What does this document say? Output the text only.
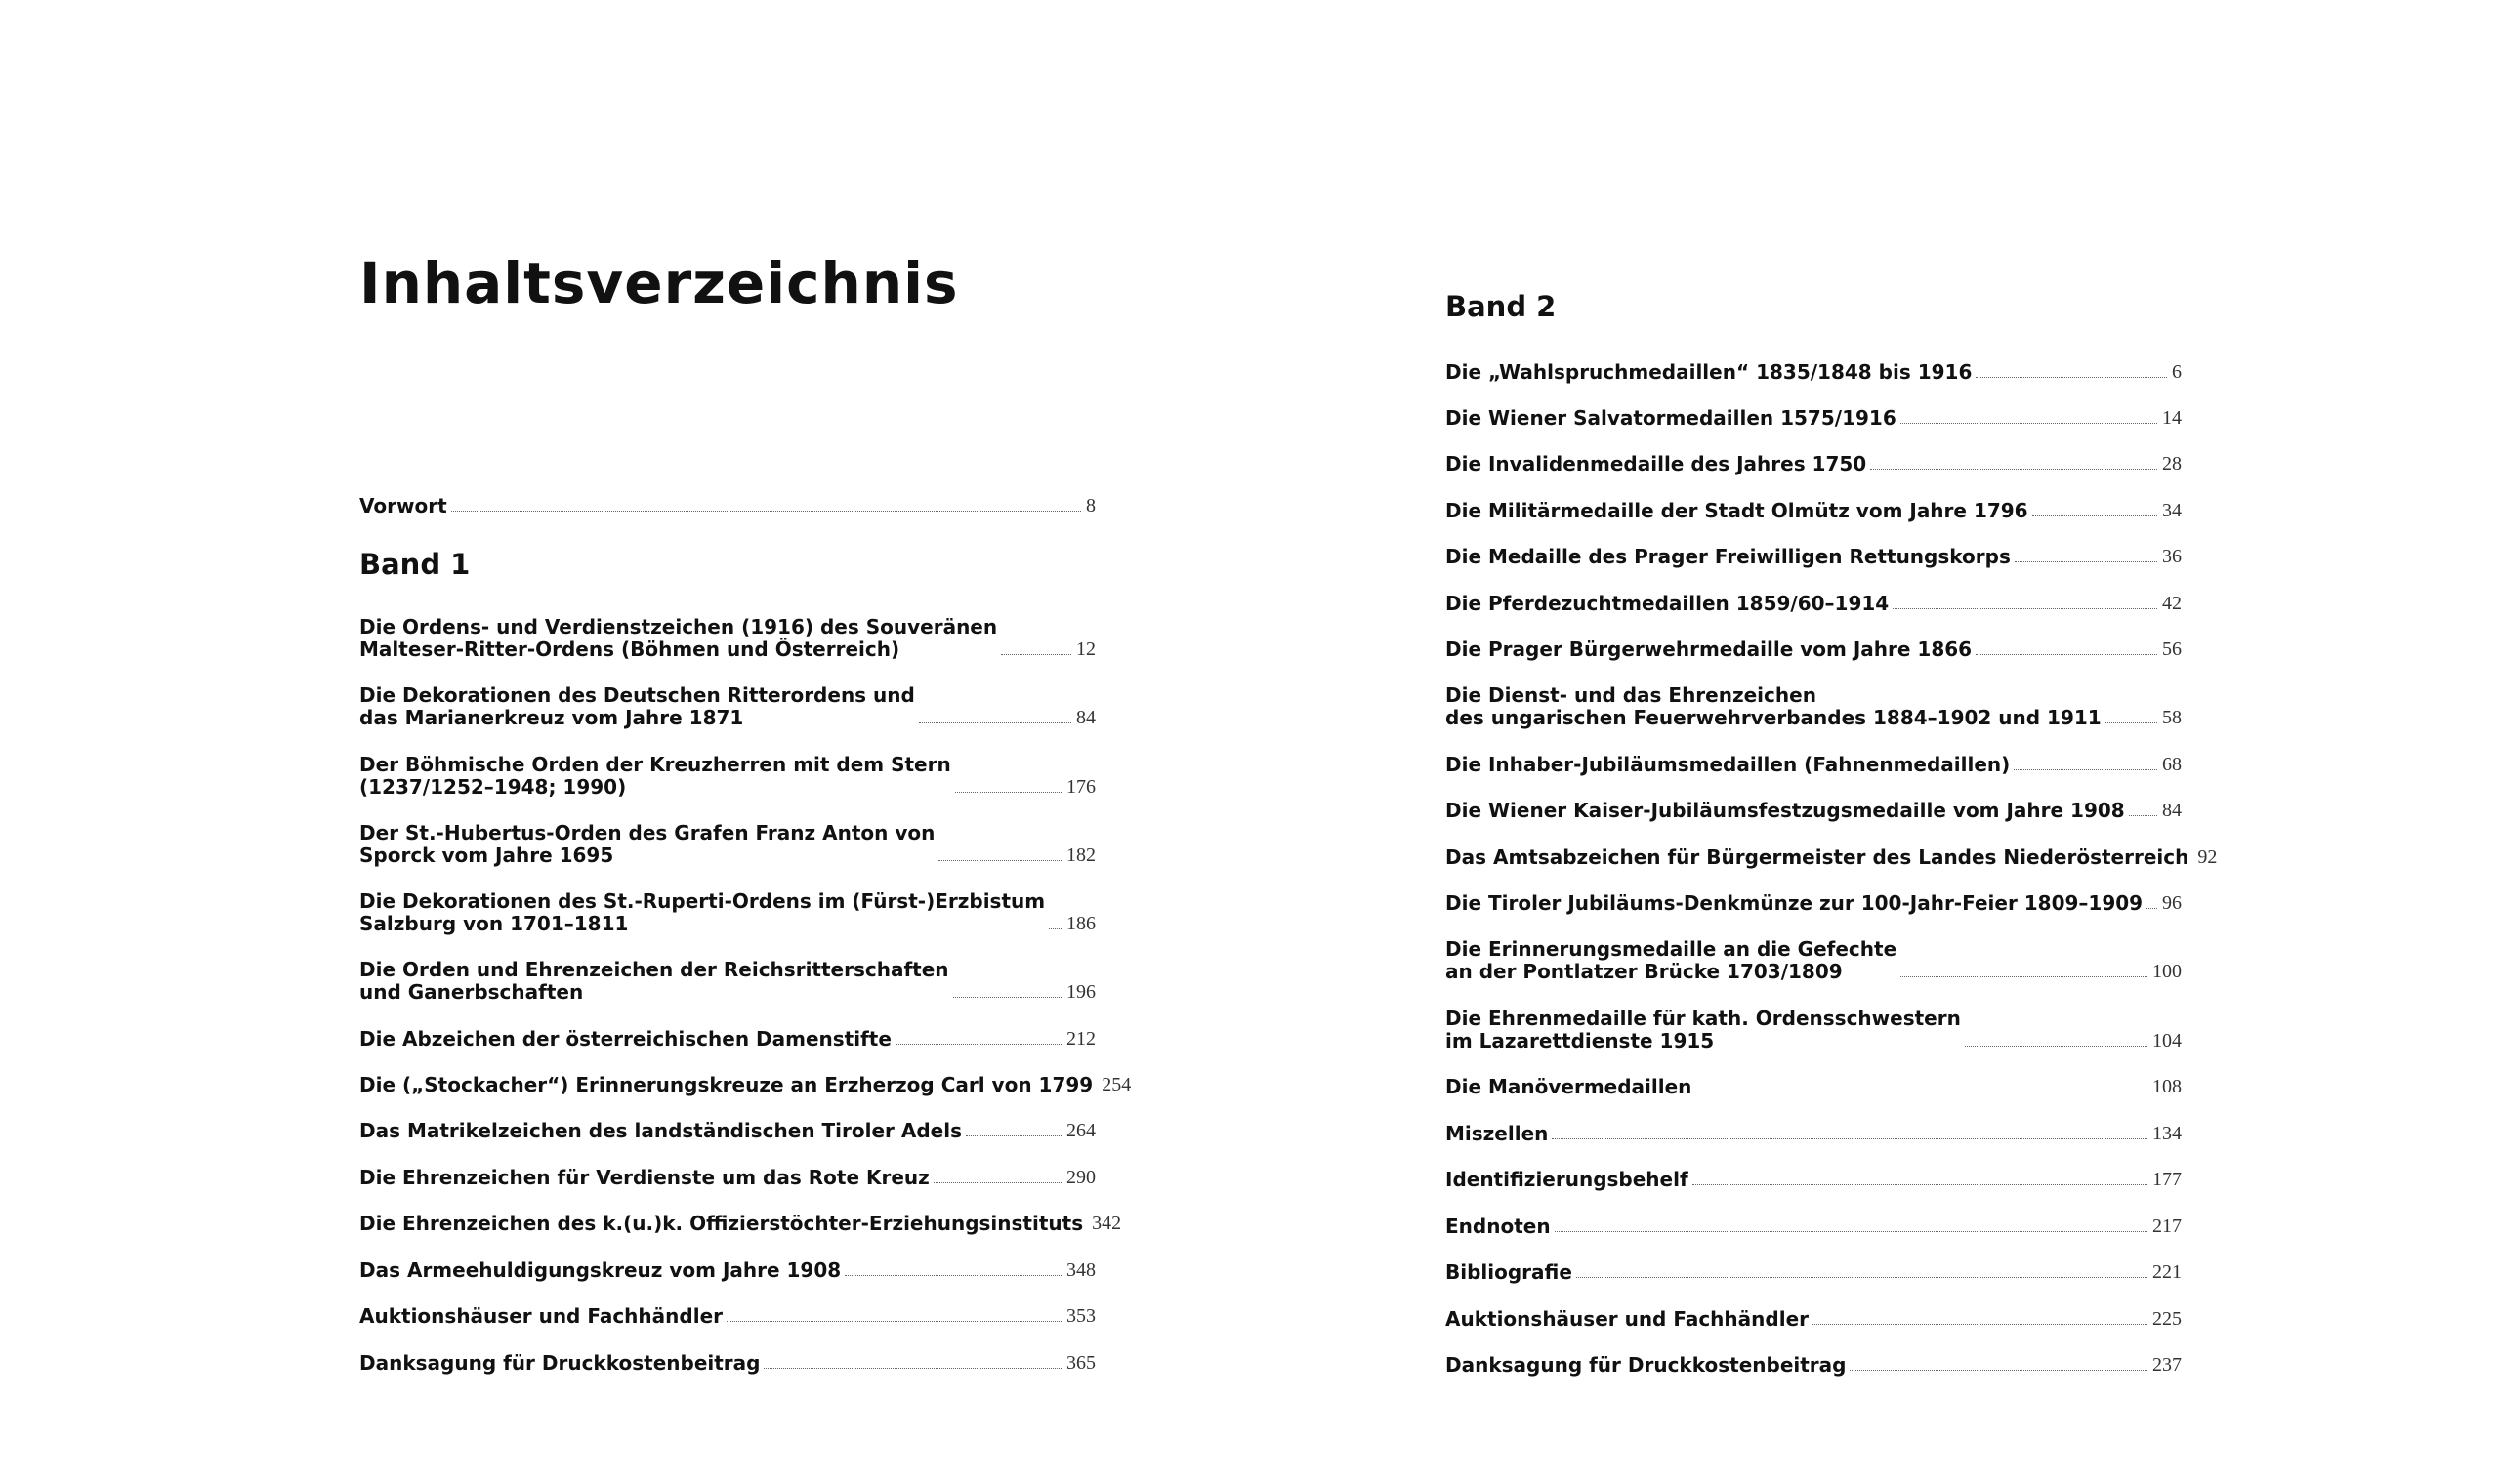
Inhaltsverzeichnis
Vorwort	8
Band 1
Die Ordens- und Verdienstzeichen (1916) des Souveränen
Malteser-Ritter-Ordens (Böhmen und Österreich)	12
Die Dekorationen des Deutschen Ritterordens und
das Marianerkreuz vom Jahre 1871	84
Der Böhmische Orden der Kreuzherren mit dem Stern
(1237/1252–1948; 1990)	176
Der St.-Hubertus-Orden des Grafen Franz Anton von
Sporck vom Jahre 1695	182
Die Dekorationen des St.-Ruperti-Ordens im (Fürst-)Erzbistum
Salzburg von 1701–1811	186
Die Orden und Ehrenzeichen der Reichsritterschaften
und Ganerbschaften	196
Die Abzeichen der österreichischen Damenstifte	212
Die („Stockacher“) Erinnerungskreuze an Erzherzog Carl von 1799 254
Das Matrikelzeichen des landständischen Tiroler Adels	264
Die Ehrenzeichen für Verdienste um das Rote Kreuz	290
Die Ehrenzeichen des k.(u.)k. Offizierstöchter-Erziehungsinstituts 342
Das Armeehuldigungskreuz vom Jahre 1908	348
Auktionshäuser und Fachhändler	353
Danksagung für Druckkostenbeitrag	365
Band 2
Die „Wahlspruchmedaillen“ 1835/1848 bis 1916	6
Die Wiener Salvatormedaillen 1575/1916	14
Die Invalidenmedaille des Jahres 1750	28
Die Militärmedaille der Stadt Olmütz vom Jahre 1796	34
Die Medaille des Prager Freiwilligen Rettungskorps	36
Die Pferdezuchtmedaillen 1859/60–1914	42
Die Prager Bürgerwehrmedaille vom Jahre 1866	56
Die Dienst- und das Ehrenzeichen
des ungarischen Feuerwehrverbandes 1884–1902 und 1911	58
Die Inhaber-Jubiläumsmedaillen (Fahnenmedaillen)	68
Die Wiener Kaiser-Jubiläumsfestzugsmedaille vom Jahre 1908 84
Das Amtsabzeichen für Bürgermeister des Landes Niederösterreich 92
Die Tiroler Jubiläums-Denkmünze zur 100-Jahr-Feier 1809–1909 96
Die Erinnerungsmedaille an die Gefechte
an der Pontlatzer Brücke 1703/1809	100
Die Ehrenmedaille für kath. Ordensschwestern
im Lazarettdienste 1915	104
Die Manövermedaillen	108
Miszellen	134
Identifizierungsbehelf	177
Endnoten	217
Bibliografie	221
Auktionshäuser und Fachhändler	225
Danksagung für Druckkostenbeitrag	237
